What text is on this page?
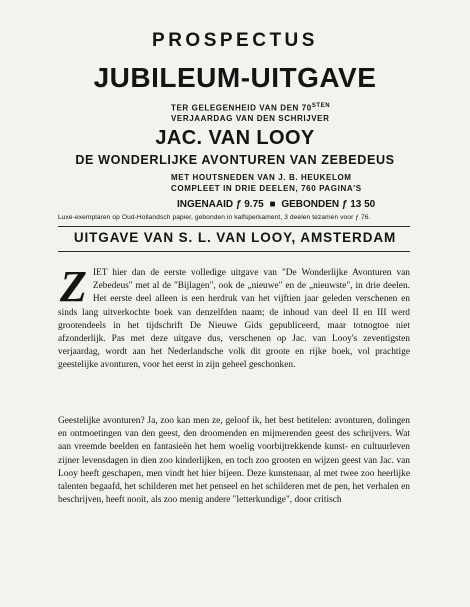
PROSPECTUS
JUBILEUM-UITGAVE
TER GELEGENHEID VAN DEN $70^{STEN}$
VERJAARDAG VAN DEN SCHRIJVER
JAC. VAN LOOY
DE WONDERLIJKE AVONTUREN VAN ZEBEDEUS
MET HOUTSNEDEN VAN J. B. HEUKELOM
COMPLEET IN DRIE DEELEN, 760 PAGINA'S
INGENAAID ƒ 9.75 ■ GEBONDEN ƒ 13 50
Luxe-exemplaren op Oud-Hollandsch papier, gebonden in kalfsperkament, 3 deelen tezamen voor ƒ 76.
UITGAVE VAN S. L. VAN LOOY, AMSTERDAM

ZIET hier dan de eerste volledige uitgave van "De Wonderlijke Avonturen van Zebedeus" met al de "Bijlagen", ook de „nieuwe" en de „nieuwste", in drie deelen. Het eerste deel alleen is een herdruk van het vijftien jaar geleden verschenen en sinds lang uitverkochte boek van denzelfden naam; de inhoud van deel II en III werd grootendeels in het tijdschrift De Nieuwe Gids gepubliceerd, maar totnogtoe niet afzonderlijk. Pas met deze uitgave dus, verschenen op Jac. van Looy's zeventigsten verjaardag, wordt aan het Nederlandsche volk dit groote en rijke boek, vol prachtige geestelijke avonturen, voor het eerst in zijn geheel geschonken.

Geestelijke avonturen? Ja, zoo kan men ze, geloof ik, het best betitelen: avonturen, dolingen en ontmoetingen van den geest, den droomenden en mijmerenden geest des schrijvers. Wat aan vreemde beelden en fantasieën het hem woelig voorbijtrekkende kunst- en cultuurleven zijner levensdagen in dien zoo kinderlijken, en toch zoo grooten en wijzen geest van Jac. van Looy heeft geschapen, men vindt het hier bijeen. Deze kunstenaar, al met twee zoo heerlijke talenten begaafd, het schilderen met het penseel en het schilderen met de pen, het verhalen en beschrijven, heeft nooit, als zoo menig andere "letterkundige", door critisch
